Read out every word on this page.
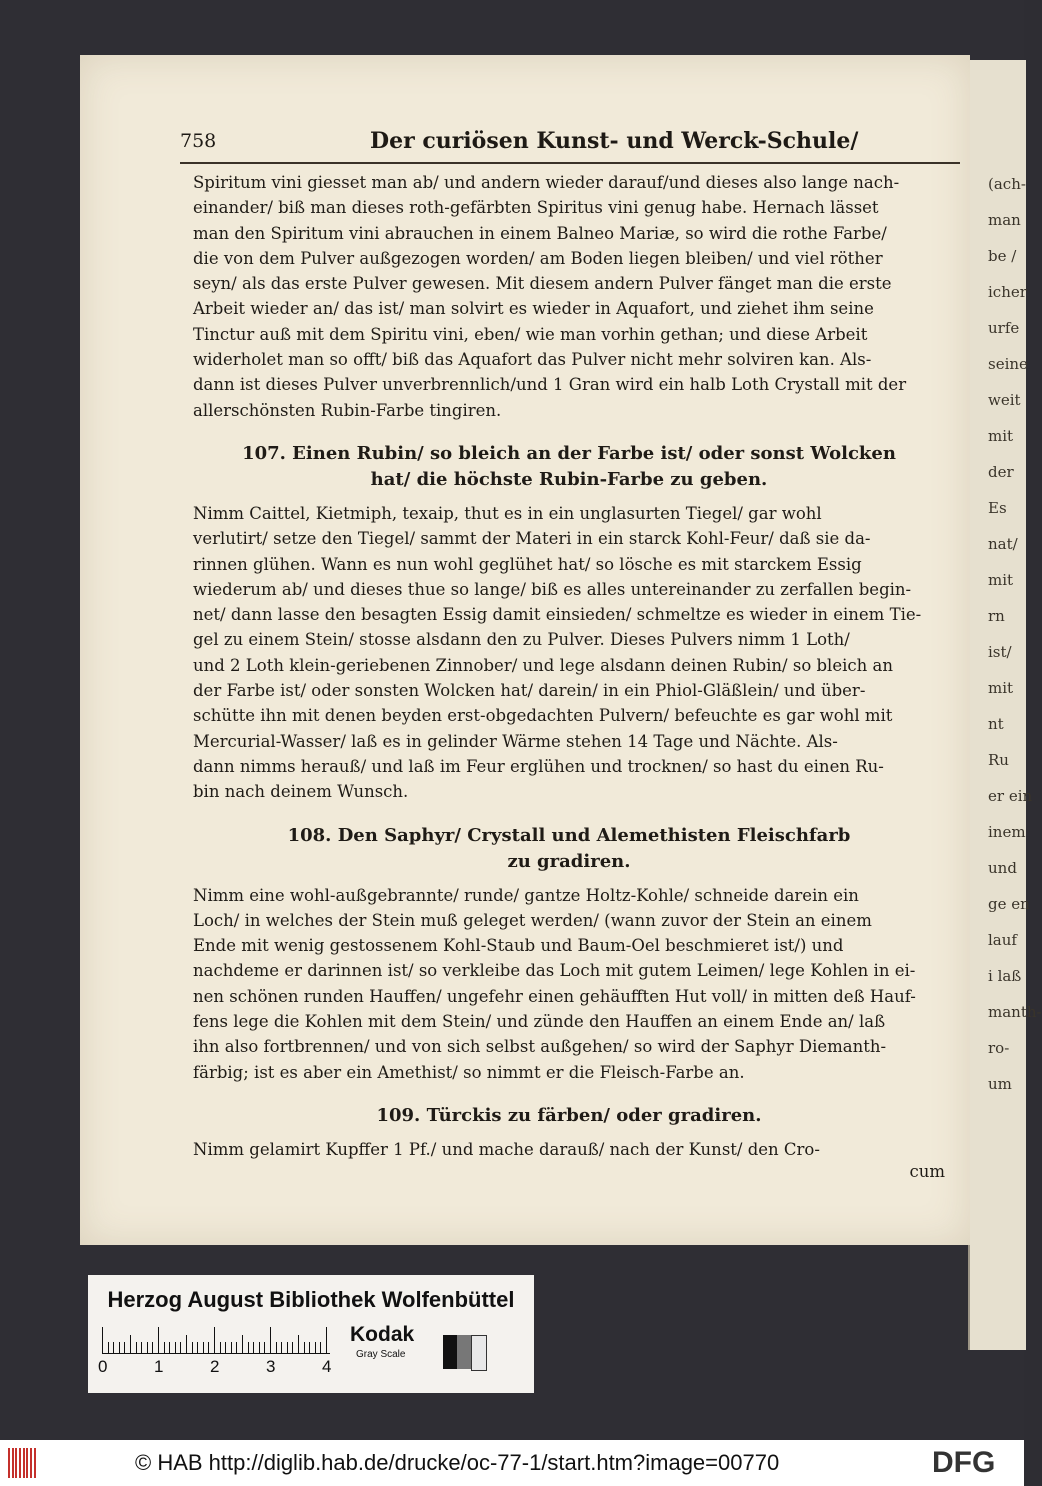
(ach-
man
be /
icher
urfe
seine
weit
mit
der
Es
nat/
mit
rn
ist/
mit
nt
Ru
er ein
inem
und
ge en
lauf
i laß
manth-
ro-
um
758	Der curiösen Kunst- und Werck-Schule/

Spiritum vini giesset man ab/ und andern wieder darauf/und dieses also lange nach-
einander/ biß man dieses roth-gefärbten Spiritus vini genug habe. Hernach lässet
man den Spiritum vini abrauchen in einem Balneo Mariæ, so wird die rothe Farbe/
die von dem Pulver außgezogen worden/ am Boden liegen bleiben/ und viel röther
seyn/ als das erste Pulver gewesen. Mit diesem andern Pulver fänget man die erste
Arbeit wieder an/ das ist/ man solvirt es wieder in Aquafort, und ziehet ihm seine
Tinctur auß mit dem Spiritu vini, eben/ wie man vorhin gethan; und diese Arbeit
widerholet man so offt/ biß das Aquafort das Pulver nicht mehr solviren kan. Als-
dann ist dieses Pulver unverbrennlich/und 1 Gran wird ein halb Loth Crystall mit der
allerschönsten Rubin-Farbe tingiren.

107. Einen Rubin/ so bleich an der Farbe ist/ oder sonst Wolcken
hat/ die höchste Rubin-Farbe zu geben.

Nimm Caittel, Kietmiph, texaip, thut es in ein unglasurten Tiegel/ gar wohl
verlutirt/ setze den Tiegel/ sammt der Materi in ein starck Kohl-Feur/ daß sie da-
rinnen glühen. Wann es nun wohl geglühet hat/ so lösche es mit starckem Essig
wiederum ab/ und dieses thue so lange/ biß es alles untereinander zu zerfallen begin-
net/ dann lasse den besagten Essig damit einsieden/ schmeltze es wieder in einem Tie-
gel zu einem Stein/ stosse alsdann den zu Pulver. Dieses Pulvers nimm 1 Loth/
und 2 Loth klein-geriebenen Zinnober/ und lege alsdann deinen Rubin/ so bleich an
der Farbe ist/ oder sonsten Wolcken hat/ darein/ in ein Phiol-Gläßlein/ und über-
schütte ihn mit denen beyden erst-obgedachten Pulvern/ befeuchte es gar wohl mit
Mercurial-Wasser/ laß es in gelinder Wärme stehen 14 Tage und Nächte. Als-
dann nimms herauß/ und laß im Feur erglühen und trocknen/ so hast du einen Ru-
bin nach deinem Wunsch.

108. Den Saphyr/ Crystall und Alemethisten Fleischfarb
zu gradiren.

Nimm eine wohl-außgebrannte/ runde/ gantze Holtz-Kohle/ schneide darein ein
Loch/ in welches der Stein muß geleget werden/ (wann zuvor der Stein an einem
Ende mit wenig gestossenem Kohl-Staub und Baum-Oel beschmieret ist/) und
nachdeme er darinnen ist/ so verkleibe das Loch mit gutem Leimen/ lege Kohlen in ei-
nen schönen runden Hauffen/ ungefehr einen gehäufften Hut voll/ in mitten deß Hauf-
fens lege die Kohlen mit dem Stein/ und zünde den Hauffen an einem Ende an/ laß
ihn also fortbrennen/ und von sich selbst außgehen/ so wird der Saphyr Diemanth-
färbig; ist es aber ein Amethist/ so nimmt er die Fleisch-Farbe an.

109. Türckis zu färben/ oder gradiren.

Nimm gelamirt Kupffer 1 Pf./ und mache darauß/ nach der Kunst/ den Cro-

cum
Herzog August Bibliothek Wolfenbüttel
0	1	2	3	4
Kodak
Gray Scale
© HAB http://diglib.hab.de/drucke/oc-77-1/start.htm?image=00770	DFG
